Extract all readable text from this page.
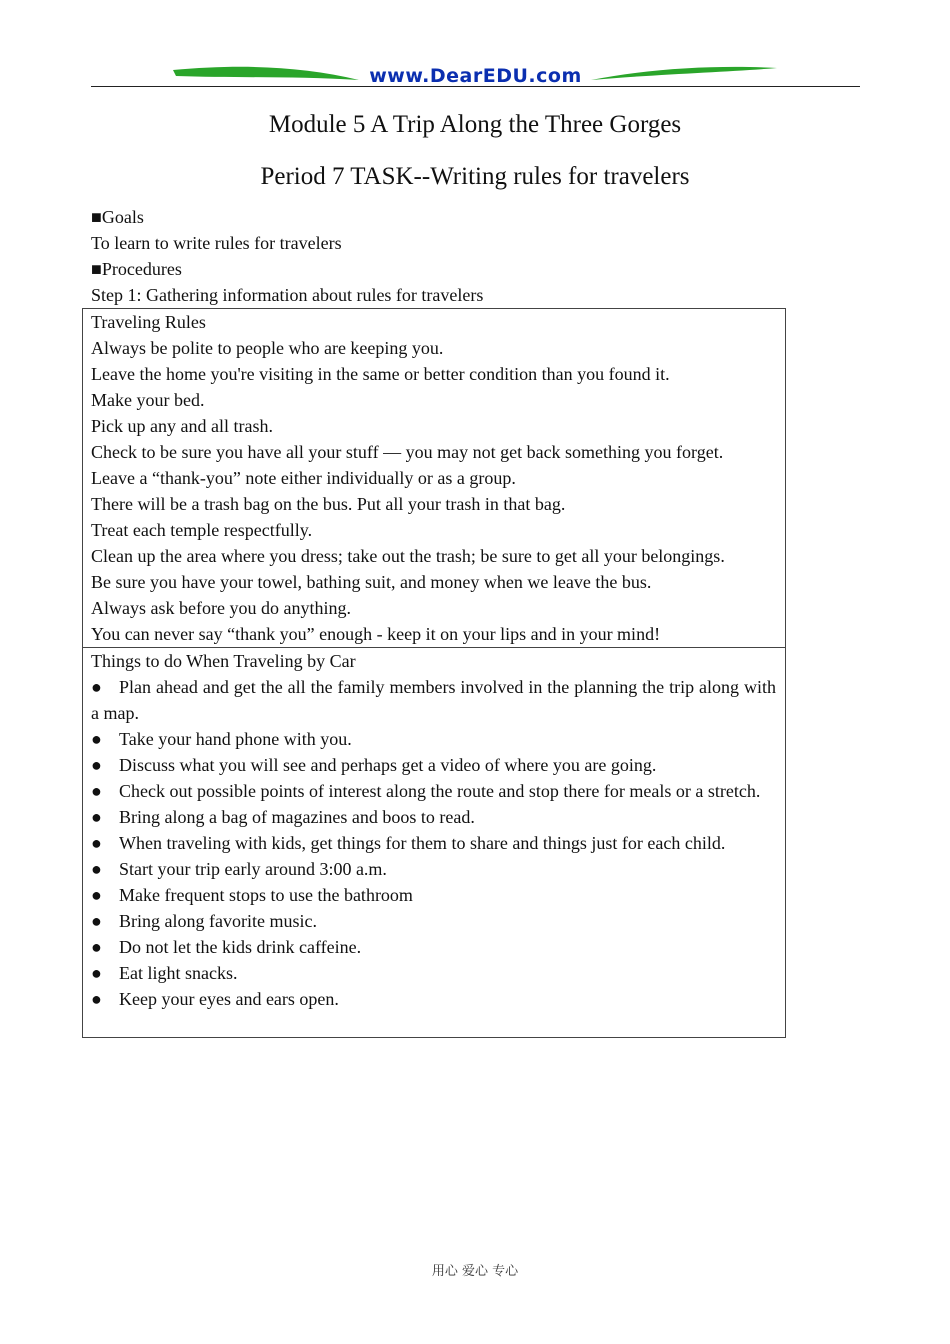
www.DearEDU.com
Module 5 A Trip Along the Three Gorges
Period 7 TASK--Writing rules for travelers
■Goals
To learn to write rules for travelers
■Procedures
Step 1: Gathering information about rules for travelers
Traveling Rules
Always be polite to people who are keeping you.
Leave the home you're visiting in the same or better condition than you found it.
Make your bed.
Pick up any and all trash.
Check to be sure you have all your stuff — you may not get back something you forget.
Leave a “thank-you” note either individually or as a group.
There will be a trash bag on the bus. Put all your trash in that bag.
Treat each temple respectfully.
Clean up the area where you dress; take out the trash; be sure to get all your belongings.
Be sure you have your towel, bathing suit, and money when we leave the bus.
Always ask before you do anything.
You can never say “thank you” enough - keep it on your lips and in your mind!
Things to do When Traveling by Car
● Plan ahead and get the all the family members involved in the planning the trip along with a map.
● Take your hand phone with you.
● Discuss what you will see and perhaps get a video of where you are going.
● Check out possible points of interest along the route and stop there for meals or a stretch.
● Bring along a bag of magazines and boos to read.
● When traveling with kids, get things for them to share and things just for each child.
● Start your trip early around 3:00 a.m.
● Make frequent stops to use the bathroom
● Bring along favorite music.
● Do not let the kids drink caffeine.
● Eat light snacks.
● Keep your eyes and ears open.
用心 爱心 专心
